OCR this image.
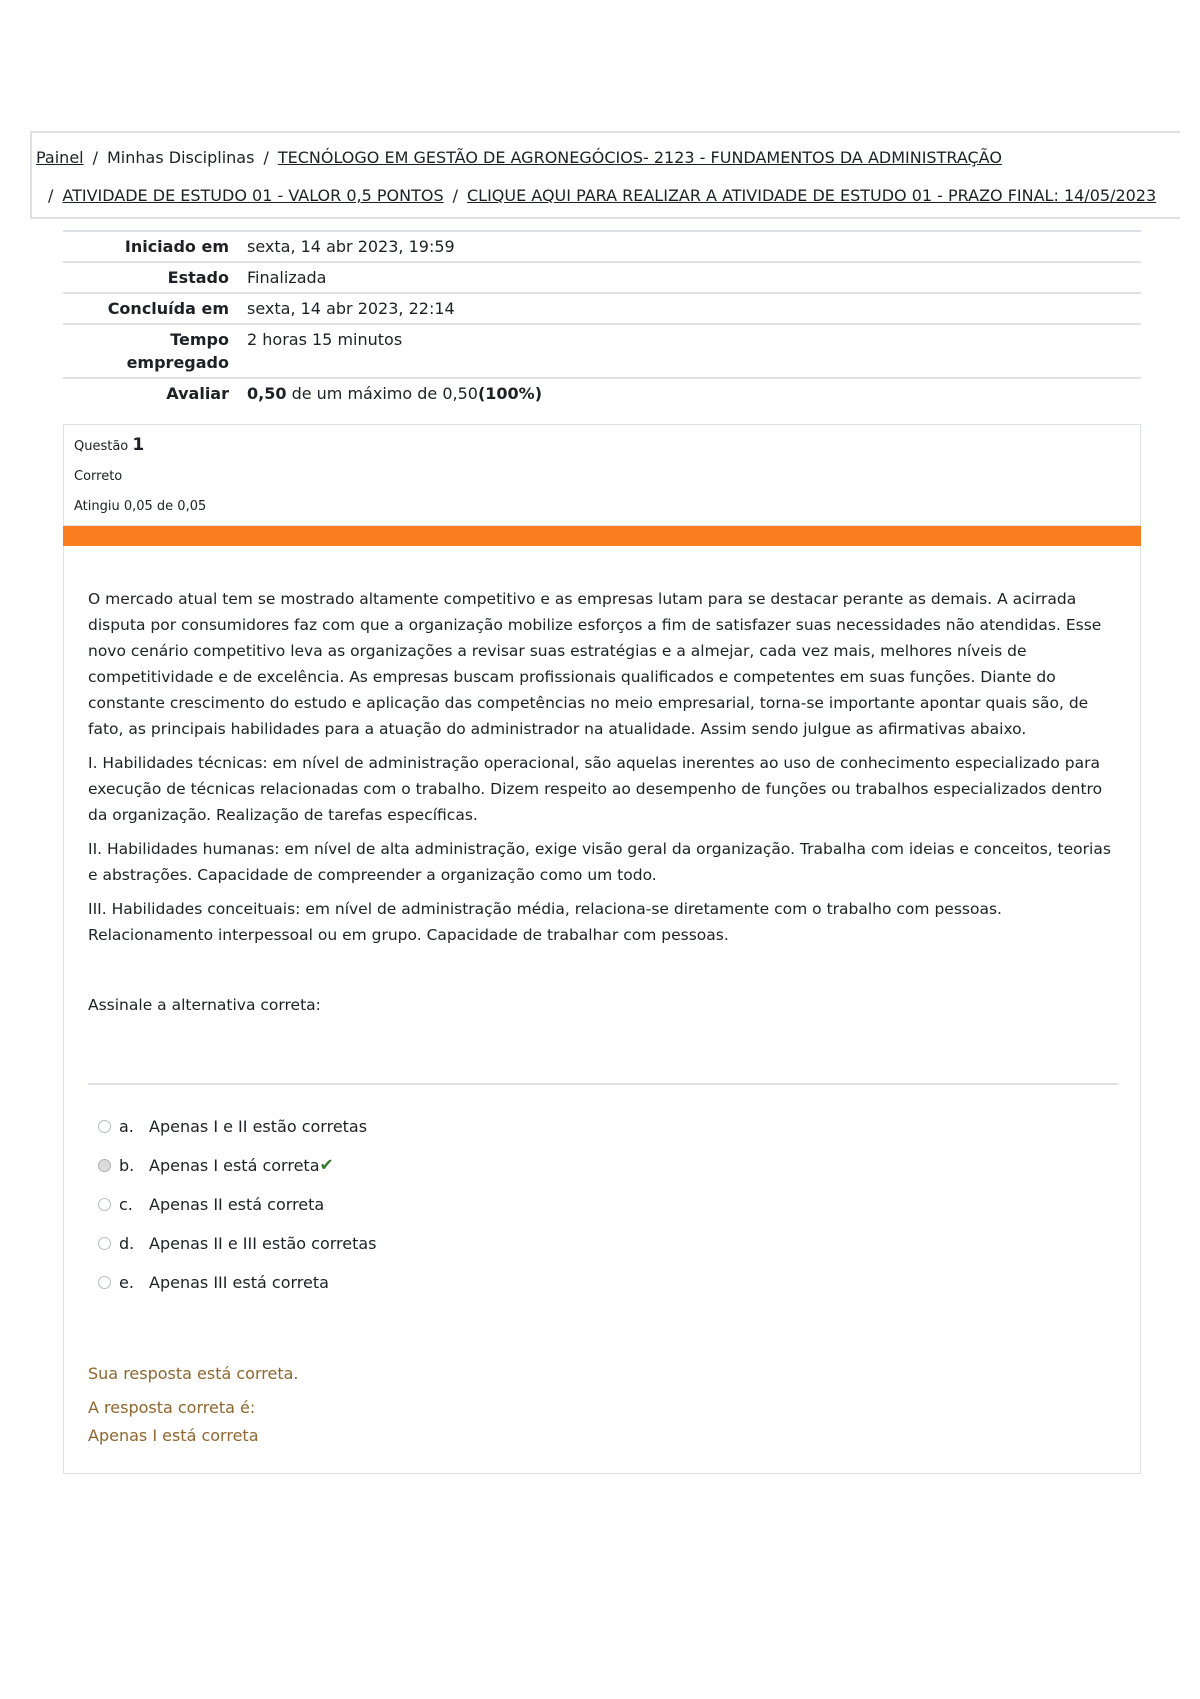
Painel / Minhas Disciplinas / TECNÓLOGO EM GESTÃO DE AGRONEGÓCIOS- 2123 - FUNDAMENTOS DA ADMINISTRAÇÃO
/ ATIVIDADE DE ESTUDO 01 - VALOR 0,5 PONTOS / CLIQUE AQUI PARA REALIZAR A ATIVIDADE DE ESTUDO 01 - PRAZO FINAL: 14/05/2023
Iniciado em	sexta, 14 abr 2023, 19:59
Estado	Finalizada
Concluída em	sexta, 14 abr 2023, 22:14
Tempo
empregado	2 horas 15 minutos
Avaliar	0,50 de um máximo de 0,50(100%)
Questão 1
Correto
Atingiu 0,05 de 0,05

O mercado atual tem se mostrado altamente competitivo e as empresas lutam para se destacar perante as demais. A acirrada disputa por consumidores faz com que a organização mobilize esforços a fim de satisfazer suas necessidades não atendidas. Esse novo cenário competitivo leva as organizações a revisar suas estratégias e a almejar, cada vez mais, melhores níveis de competitividade e de excelência. As empresas buscam profissionais qualificados e competentes em suas funções. Diante do constante crescimento do estudo e aplicação das competências no meio empresarial, torna-se importante apontar quais são, de fato, as principais habilidades para a atuação do administrador na atualidade. Assim sendo julgue as afirmativas abaixo.

I. Habilidades técnicas: em nível de administração operacional, são aquelas inerentes ao uso de conhecimento especializado para execução de técnicas relacionadas com o trabalho. Dizem respeito ao desempenho de funções ou trabalhos especializados dentro da organização. Realização de tarefas específicas.

II. Habilidades humanas: em nível de alta administração, exige visão geral da organização. Trabalha com ideias e conceitos, teorias e abstrações. Capacidade de compreender a organização como um todo.

III. Habilidades conceituais: em nível de administração média, relaciona-se diretamente com o trabalho com pessoas. Relacionamento interpessoal ou em grupo. Capacidade de trabalhar com pessoas.

Assinale a alternativa correta:
a. Apenas I e II estão corretas
b. Apenas I está correta✔
c. Apenas II está correta
d. Apenas II e III estão corretas
e. Apenas III está correta
Sua resposta está correta.
A resposta correta é:
Apenas I está correta
